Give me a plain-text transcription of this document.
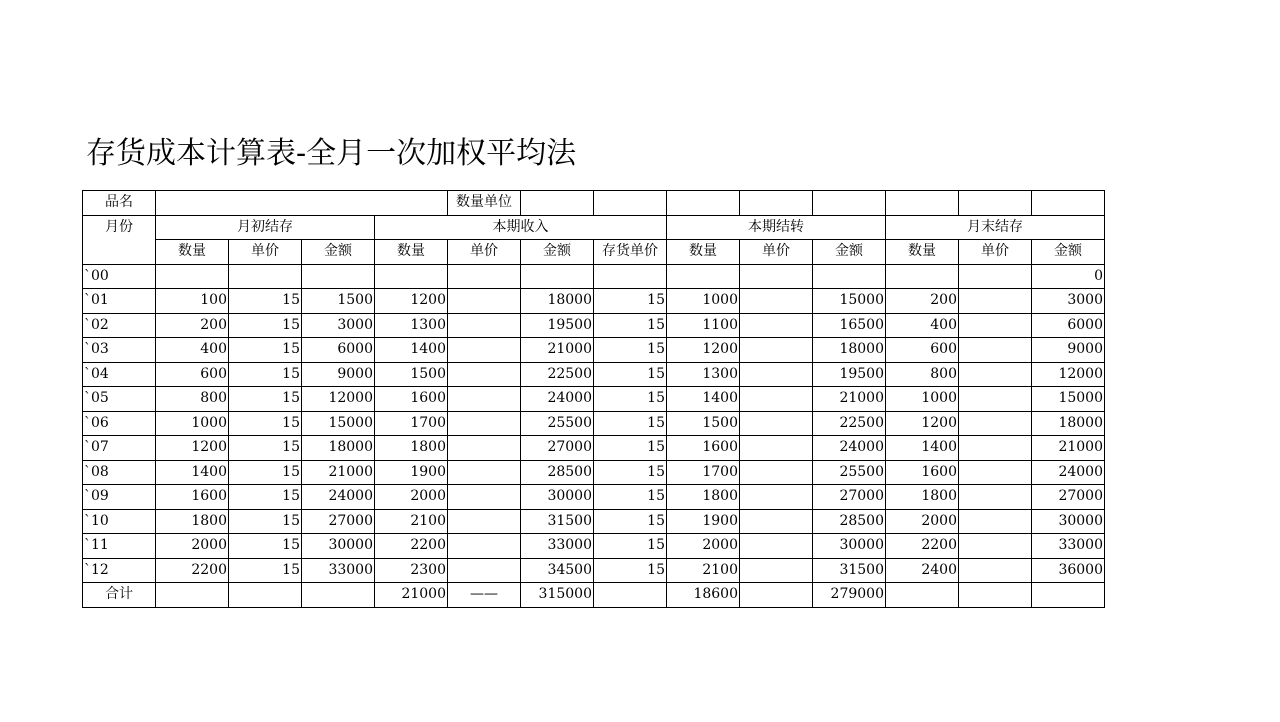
存货成本计算表-全月一次加权平均法
品名					数量单位								
月份	月初结存			本期收入				本期结转			月末结存		
	数量	单价	金额	数量	单价	金额	存货单价	数量	单价	金额	数量	单价	金额
`00													0
`01	100	15	1500	1200		18000	15	1000		15000	200		3000
`02	200	15	3000	1300		19500	15	1100		16500	400		6000
`03	400	15	6000	1400		21000	15	1200		18000	600		9000
`04	600	15	9000	1500		22500	15	1300		19500	800		12000
`05	800	15	12000	1600		24000	15	1400		21000	1000		15000
`06	1000	15	15000	1700		25500	15	1500		22500	1200		18000
`07	1200	15	18000	1800		27000	15	1600		24000	1400		21000
`08	1400	15	21000	1900		28500	15	1700		25500	1600		24000
`09	1600	15	24000	2000		30000	15	1800		27000	1800		27000
`10	1800	15	27000	2100		31500	15	1900		28500	2000		30000
`11	2000	15	30000	2200		33000	15	2000		30000	2200		33000
`12	2200	15	33000	2300		34500	15	2100		31500	2400		36000
合计				21000	——	315000		18600		279000			
